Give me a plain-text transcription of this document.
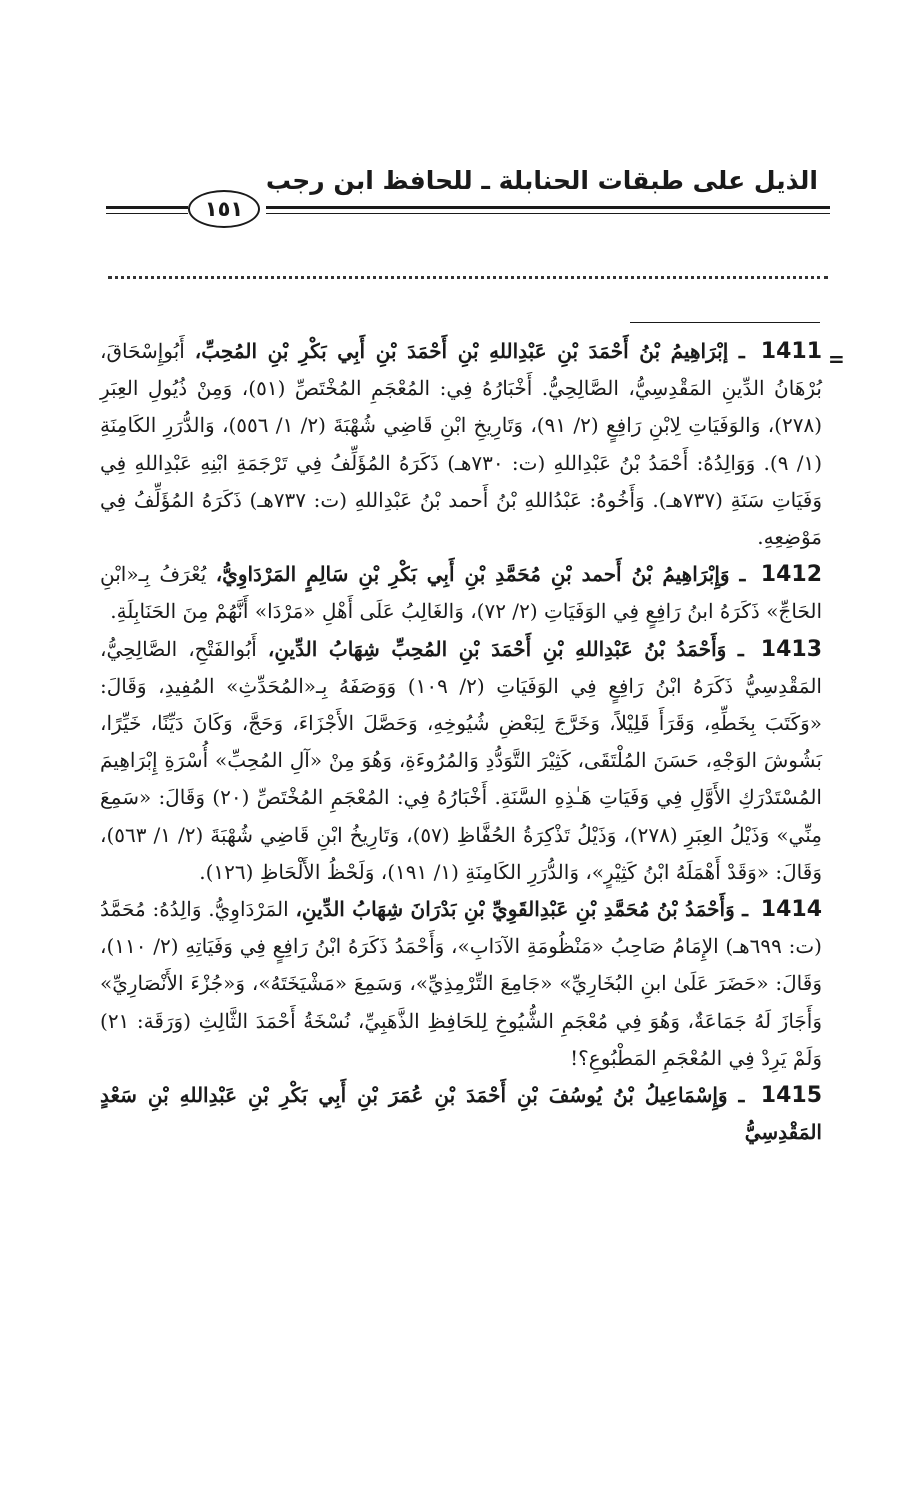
الذيل على طبقات الحنابلة ـ للحافظ ابن رجب
١٥١
=

1411 ـ إبْرَاهِيمُ بْنُ أَحْمَدَ بْنِ عَبْدِاللهِ بْنِ أَحْمَدَ بْنِ أَبِي بَكْرِ بْنِ المُحِبِّ، أَبُوإِسْحَاقَ، بُرْهَانُ الدِّينِ المَقْدِسِيُّ، الصَّالِحِيُّ. أَخْبَارُهُ فِي: المُعْجَمِ المُخْتَصِّ (٥١)، وَمِنْ ذُيُولِ العِبَرِ (٢٧٨)، وَالوَفَيَاتِ لِابْنِ رَافِعٍ (٢/ ٩١)، وَتَارِيخِ ابْنِ قَاضِي شُهْبَةَ (٢/ ١/ ٥٥٦)، وَالدُّرَرِ الكَامِنَةِ (١/ ٩). وَوَالِدُهُ: أَحْمَدُ بْنُ عَبْدِاللهِ (ت: ٧٣٠هـ) ذَكَرَهُ المُؤَلِّفُ فِي تَرْجَمَةِ ابْنِهِ عَبْدِاللهِ فِي وَفَيَاتِ سَنَةِ (٧٣٧هـ). وَأَخُوهُ: عَبْدُاللهِ بْنُ أَحمد بْنُ عَبْدِاللهِ (ت: ٧٣٧هـ) ذَكَرَهُ المُؤَلِّفُ فِي مَوْضِعِهِ.

1412 ـ وَإِبْرَاهِيمُ بْنُ أَحمد بْنِ مُحَمَّدِ بْنِ أَبِي بَكْرِ بْنِ سَالِمٍ المَرْدَاوِيُّ، يُعْرَفُ بِـ«ابْنِ الحَاجِّ» ذَكَرَهُ ابنُ رَافِعٍ فِي الوَفَيَاتِ (٢/ ٧٢)، وَالغَالِبُ عَلَى أَهْلِ «مَرْدَا» أَنَّهُمْ مِنَ الحَنَابِلَةِ.

1413 ـ وَأَحْمَدُ بْنُ عَبْدِاللهِ بْنِ أَحْمَدَ بْنِ المُحِبِّ شِهَابُ الدِّينِ، أَبُوالفَتْحِ، الصَّالِحِيُّ، المَقْدِسِيُّ ذَكَرَهُ ابْنُ رَافِعٍ فِي الوَفَيَاتِ (٢/ ١٠٩) وَوَصَفَهُ بِـ«المُحَدِّثِ» المُفِيدِ، وَقَالَ: «وَكَتَبَ بِخَطِّهِ، وَقَرَأَ قَلِيْلاً، وَخَرَّجَ لِبَعْضِ شُيُوخِهِ، وَحَصَّلَ الأَجْزَاءَ، وَحَجَّ، وَكَانَ دَيِّنًا، خَيِّرًا، بَشُوشَ الوَجْهِ، حَسَنَ المُلْتَقَى، كَثِيْرَ التَّوَدُّدِ وَالمُرُوءَةِ، وَهُوَ مِنْ «آلِ المُحِبِّ» أُسْرَةِ إِبْرَاهِيمَ المُسْتَدْرَكِ الأَوَّلِ فِي وَفَيَاتِ هَـٰذِهِ السَّنَةِ. أَخْبَارُهُ فِي: المُعْجَمِ المُخْتَصِّ (٢٠) وَقَالَ: «سَمِعَ مِنِّي» وَذَيْلُ العِبَرِ (٢٧٨)، وَذَيْلُ تَذْكِرَةُ الحُفَّاظِ (٥٧)، وَتَارِيخُ ابْنِ قَاضِي شُهْبَةَ (٢/ ١/ ٥٦٣)، وَقَالَ: «وَقَدْ أَهْمَلَهُ ابْنُ كَثِيْرٍ»، وَالدُّرَرِ الكَامِنَةِ (١/ ١٩١)، وَلَحْظُ الأَلْحَاظِ (١٢٦).

1414 ـ وَأَحْمَدُ بْنُ مُحَمَّدِ بْنِ عَبْدِالقَوِيِّ بْنِ بَدْرَانَ شِهَابُ الدِّينِ، المَرْدَاوِيُّ. وَالِدُهُ: مُحَمَّدُ (ت: ٦٩٩هـ) الإِمَامُ صَاحِبُ «مَنْظُومَةِ الآدَابِ»، وَأَحْمَدُ ذَكَرَهُ ابْنُ رَافِعٍ فِي وَفَيَاتِهِ (٢/ ١١٠)، وَقَالَ: «حَضَرَ عَلَىٰ ابنِ البُخَارِيِّ» «جَامِعَ التِّرْمِذِيِّ»، وَسَمِعَ «مَشْيَخَتَهُ»، وَ«جُزْءَ الأَنْصَارِيِّ» وَأَجَازَ لَهُ جَمَاعَةٌ، وَهُوَ فِي مُعْجَمِ الشُّيُوخِ لِلحَافِظِ الذَّهَبِيِّ، نُسْخَةُ أَحْمَدَ الثَّالِثِ (وَرَقَة: ٢١) وَلَمْ يَرِدْ فِي المُعْجَمِ المَطْبُوعِ؟!

1415 ـ وَإِسْمَاعِيلُ بْنُ يُوسُفَ بْنِ أَحْمَدَ بْنِ عُمَرَ بْنِ أَبِي بَكْرِ بْنِ عَبْدِاللهِ بْنِ سَعْدٍ المَقْدِسِيُّ
